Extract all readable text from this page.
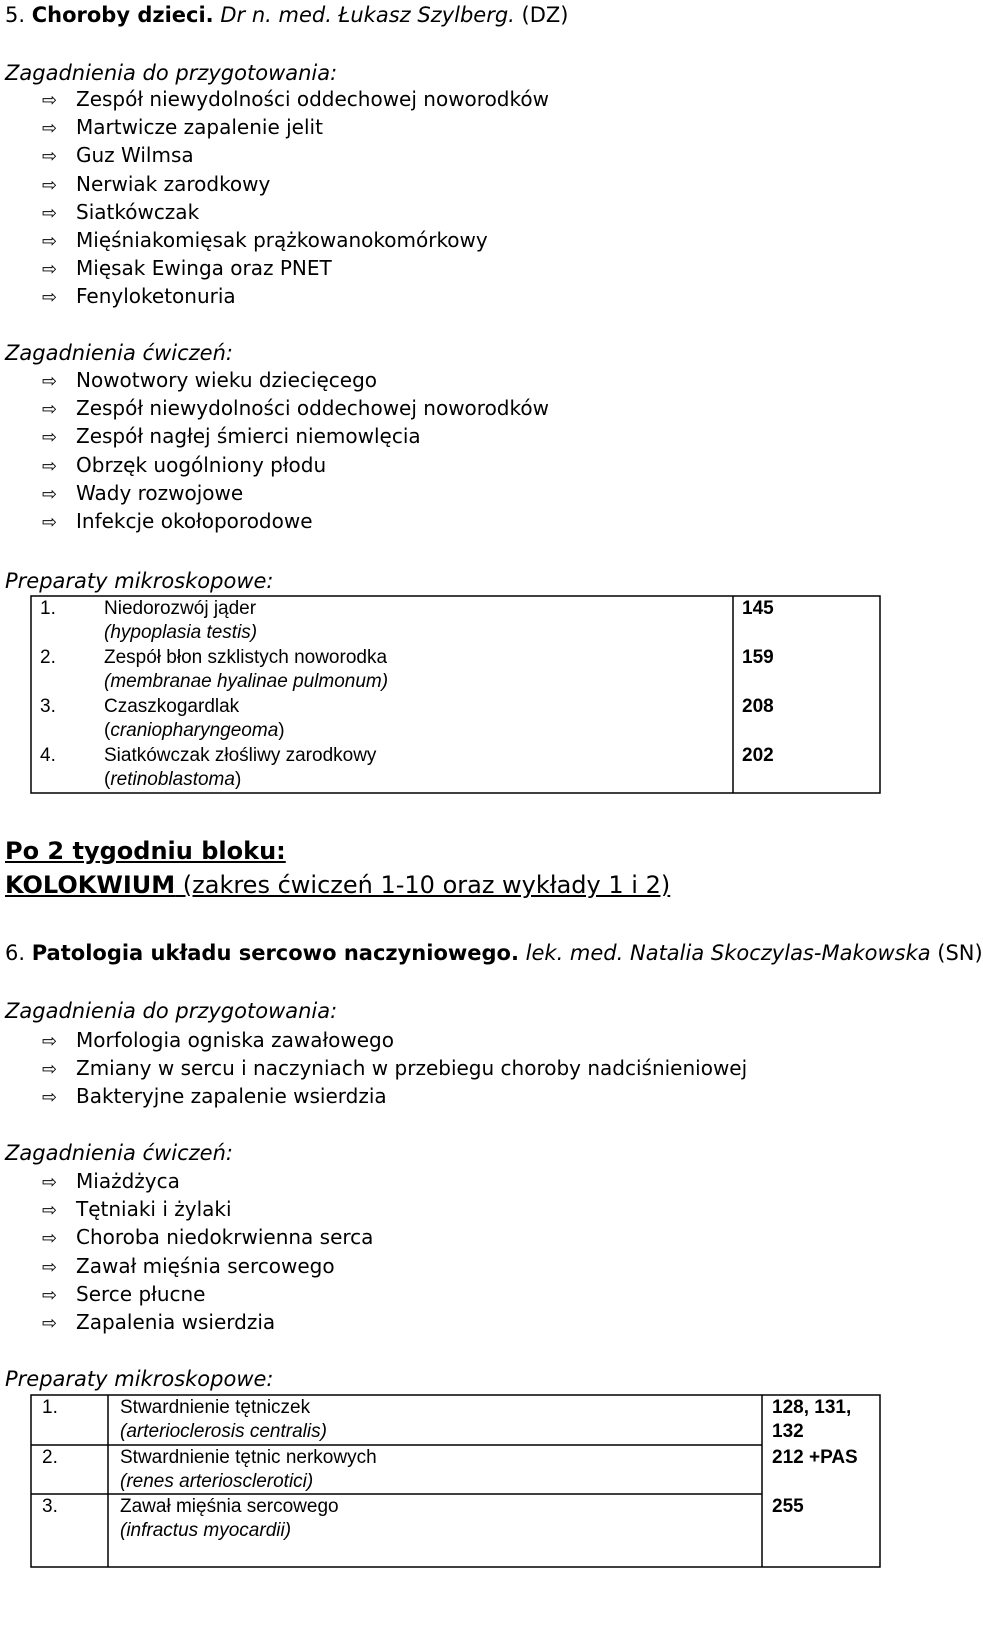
5. Choroby dzieci. Dr n. med. Łukasz Szylberg. (DZ)
Zagadnienia do przygotowania:
⇨ Zespół niewydolności oddechowej noworodków
⇨ Martwicze zapalenie jelit
⇨ Guz Wilmsa
⇨ Nerwiak zarodkowy
⇨ Siatkówczak
⇨ Mięśniakomięsak prążkowanokomórkowy
⇨ Mięsak Ewinga oraz PNET
⇨ Fenyloketonuria
Zagadnienia ćwiczeń:
⇨ Nowotwory wieku dziecięcego
⇨ Zespół niewydolności oddechowej noworodków
⇨ Zespół nagłej śmierci niemowlęcia
⇨ Obrzęk uogólniony płodu
⇨ Wady rozwojowe
⇨ Infekcje okołoporodowe
Preparaty mikroskopowe:
1.	Niedorozwój jąder
(hypoplasia testis)
145
2.	Zespół błon szklistych noworodka
(membranae hyalinae pulmonum)
159
3.	Czaszkogardlak
(craniopharyngeoma)
208
4.	Siatkówczak złośliwy zarodkowy
(retinoblastoma)
202
Po 2 tygodniu bloku:
KOLOKWIUM (zakres ćwiczeń 1-10 oraz wykłady 1 i 2)
6. Patologia układu sercowo naczyniowego. lek. med. Natalia Skoczylas-Makowska (SN)
Zagadnienia do przygotowania:
⇨ Morfologia ogniska zawałowego
⇨ Zmiany w sercu i naczyniach w przebiegu choroby nadciśnieniowej
⇨ Bakteryjne zapalenie wsierdzia
Zagadnienia ćwiczeń:
⇨ Miażdżyca
⇨ Tętniaki i żylaki
⇨ Choroba niedokrwienna serca
⇨ Zawał mięśnia sercowego
⇨ Serce płucne
⇨ Zapalenia wsierdzia
Preparaty mikroskopowe:
1.	Stwardnienie tętniczek
(arterioclerosis centralis)
128, 131,
132
2.	Stwardnienie tętnic nerkowych
(renes arteriosclerotici)
212 +PAS
3.	Zawał mięśnia sercowego
(infractus myocardii)
255
